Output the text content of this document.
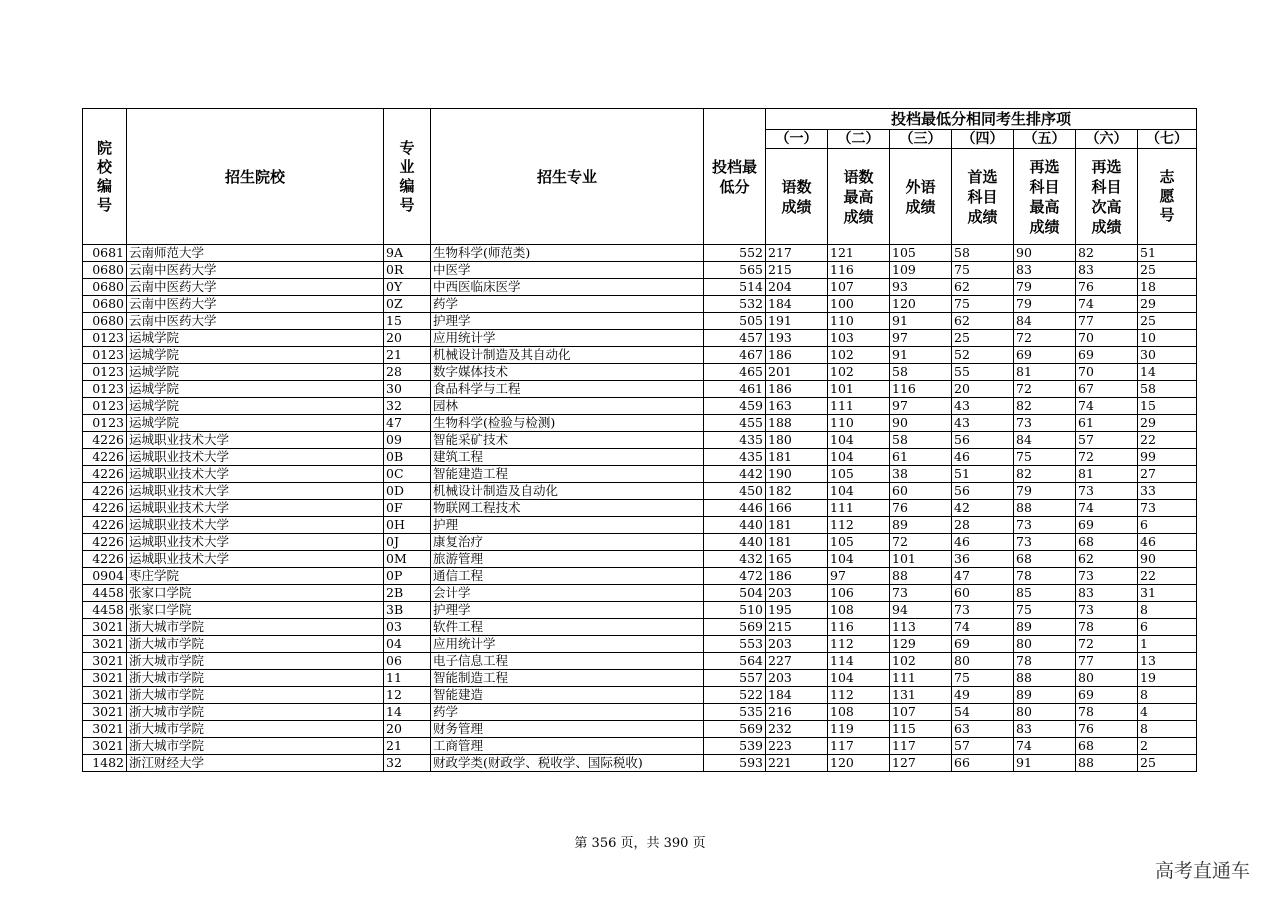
院校编号	招生院校	专业编号	招生专业	投档最低分	投档最低分相同考生排序项						
					（一）	（二）	（三）	（四）	（五）	（六）	（七）
					语数成绩	语数最高成绩	外语成绩	首选科目成绩	再选科目最高成绩	再选科目次高成绩	志愿号
0681	云南师范大学	9A	生物科学(师范类)	552	217	121	105	58	90	82	51
0680	云南中医药大学	0R	中医学	565	215	116	109	75	83	83	25
0680	云南中医药大学	0Y	中西医临床医学	514	204	107	93	62	79	76	18
0680	云南中医药大学	0Z	药学	532	184	100	120	75	79	74	29
0680	云南中医药大学	15	护理学	505	191	110	91	62	84	77	25
0123	运城学院	20	应用统计学	457	193	103	97	25	72	70	10
0123	运城学院	21	机械设计制造及其自动化	467	186	102	91	52	69	69	30
0123	运城学院	28	数字媒体技术	465	201	102	58	55	81	70	14
0123	运城学院	30	食品科学与工程	461	186	101	116	20	72	67	58
0123	运城学院	32	园林	459	163	111	97	43	82	74	15
0123	运城学院	47	生物科学(检验与检测)	455	188	110	90	43	73	61	29
4226	运城职业技术大学	09	智能采矿技术	435	180	104	58	56	84	57	22
4226	运城职业技术大学	0B	建筑工程	435	181	104	61	46	75	72	99
4226	运城职业技术大学	0C	智能建造工程	442	190	105	38	51	82	81	27
4226	运城职业技术大学	0D	机械设计制造及自动化	450	182	104	60	56	79	73	33
4226	运城职业技术大学	0F	物联网工程技术	446	166	111	76	42	88	74	73
4226	运城职业技术大学	0H	护理	440	181	112	89	28	73	69	6
4226	运城职业技术大学	0J	康复治疗	440	181	105	72	46	73	68	46
4226	运城职业技术大学	0M	旅游管理	432	165	104	101	36	68	62	90
0904	枣庄学院	0P	通信工程	472	186	97	88	47	78	73	22
4458	张家口学院	2B	会计学	504	203	106	73	60	85	83	31
4458	张家口学院	3B	护理学	510	195	108	94	73	75	73	8
3021	浙大城市学院	03	软件工程	569	215	116	113	74	89	78	6
3021	浙大城市学院	04	应用统计学	553	203	112	129	69	80	72	1
3021	浙大城市学院	06	电子信息工程	564	227	114	102	80	78	77	13
3021	浙大城市学院	11	智能制造工程	557	203	104	111	75	88	80	19
3021	浙大城市学院	12	智能建造	522	184	112	131	49	89	69	8
3021	浙大城市学院	14	药学	535	216	108	107	54	80	78	4
3021	浙大城市学院	20	财务管理	569	232	119	115	63	83	76	8
3021	浙大城市学院	21	工商管理	539	223	117	117	57	74	68	2
1482	浙江财经大学	32	财政学类(财政学、税收学、国际税收)	593	221	120	127	66	91	88	25
第 356 页，共 390 页
高考直通车
